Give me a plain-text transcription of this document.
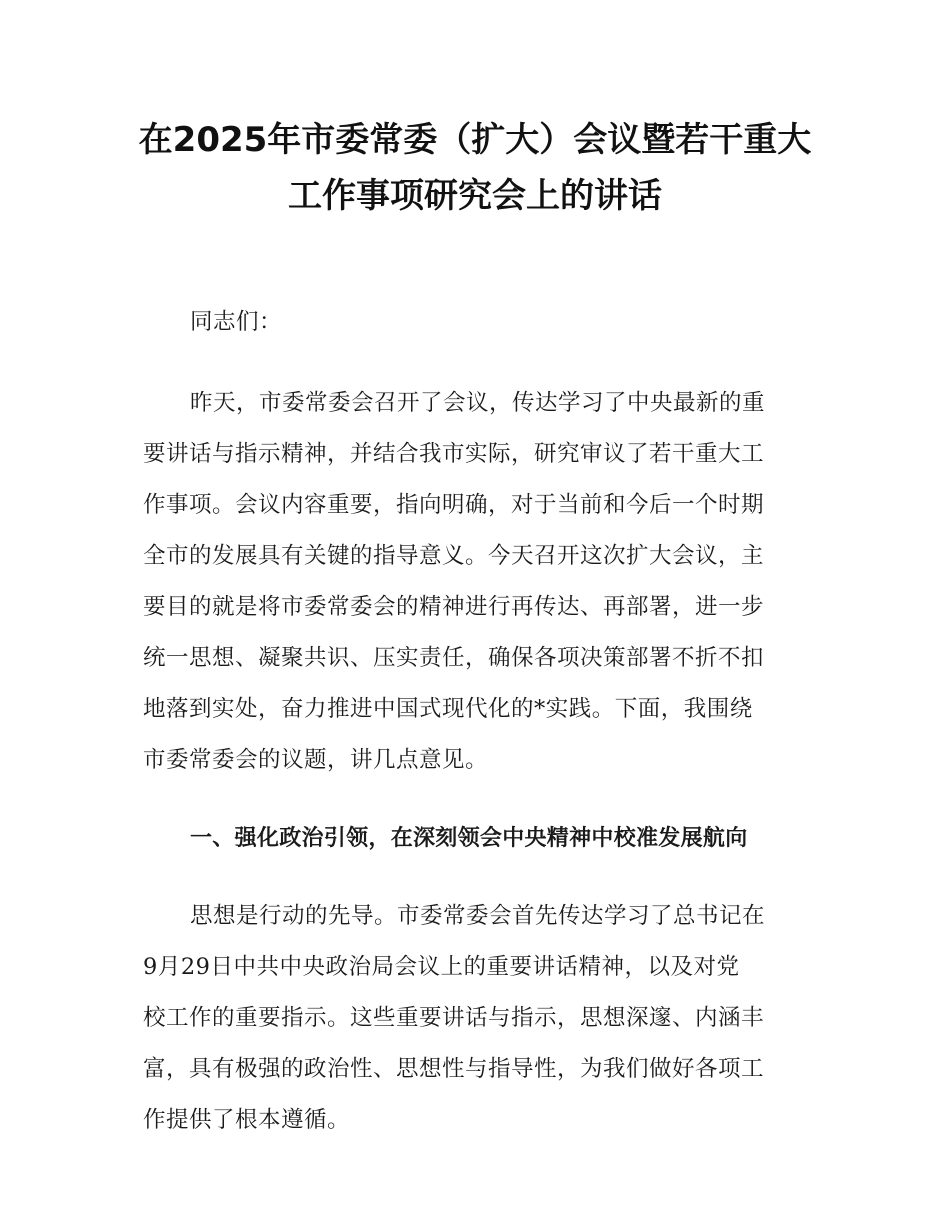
在2025年市委常委（扩大）会议暨若干重大
工作事项研究会上的讲话

同志们：

昨天，市委常委会召开了会议，传达学习了中央最新的重
要讲话与指示精神，并结合我市实际，研究审议了若干重大工
作事项。会议内容重要，指向明确，对于当前和今后一个时期
全市的发展具有关键的指导意义。今天召开这次扩大会议，主
要目的就是将市委常委会的精神进行再传达、再部署，进一步
统一思想、凝聚共识、压实责任，确保各项决策部署不折不扣
地落到实处，奋力推进中国式现代化的*实践。下面，我围绕
市委常委会的议题，讲几点意见。

一、强化政治引领，在深刻领会中央精神中校准发展航向

思想是行动的先导。市委常委会首先传达学习了总书记在
9月29日中共中央政治局会议上的重要讲话精神，以及对党
校工作的重要指示。这些重要讲话与指示，思想深邃、内涵丰
富，具有极强的政治性、思想性与指导性，为我们做好各项工
作提供了根本遵循。
